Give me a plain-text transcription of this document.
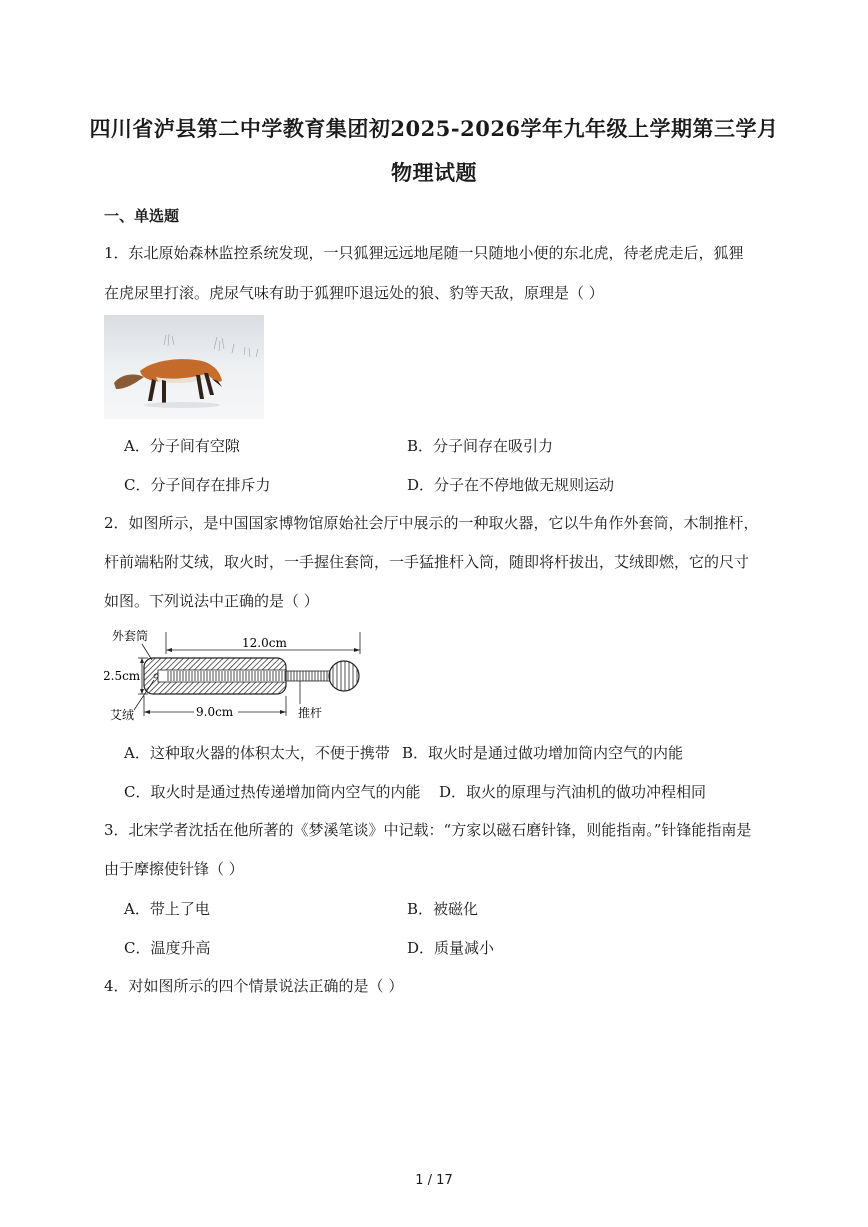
四川省泸县第二中学教育集团初2025-2026学年九年级上学期第三学月
物理试题
一、单选题
1．东北原始森林监控系统发现，一只狐狸远远地尾随一只随地小便的东北虎，待老虎走后，狐狸
在虎尿里打滚。虎尿气味有助于狐狸吓退远处的狼、豹等天敌，原理是（ ）
A．分子间有空隙	B．分子间存在吸引力
C．分子间存在排斥力	D．分子在不停地做无规则运动
2．如图所示，是中国国家博物馆原始社会厅中展示的一种取火器，它以牛角作外套筒，木制推杆，
杆前端粘附艾绒，取火时，一手握住套筒，一手猛推杆入筒，随即将杆拔出，艾绒即燃，它的尺寸
如图。下列说法中正确的是（ ）
12.0cm
外套筒
2.5cm
艾绒	9.0cm	推杆
A．这种取火器的体积太大，不便于携带 B．取火时是通过做功增加筒内空气的内能
C．取火时是通过热传递增加筒内空气的内能 D．取火的原理与汽油机的做功冲程相同
3．北宋学者沈括在他所著的《梦溪笔谈》中记载：“方家以磁石磨针锋，则能指南。”针锋能指南是
由于摩擦使针锋（ ）
A．带上了电	B．被磁化
C．温度升高	D．质量减小
4．对如图所示的四个情景说法正确的是（ ）
1 / 17
